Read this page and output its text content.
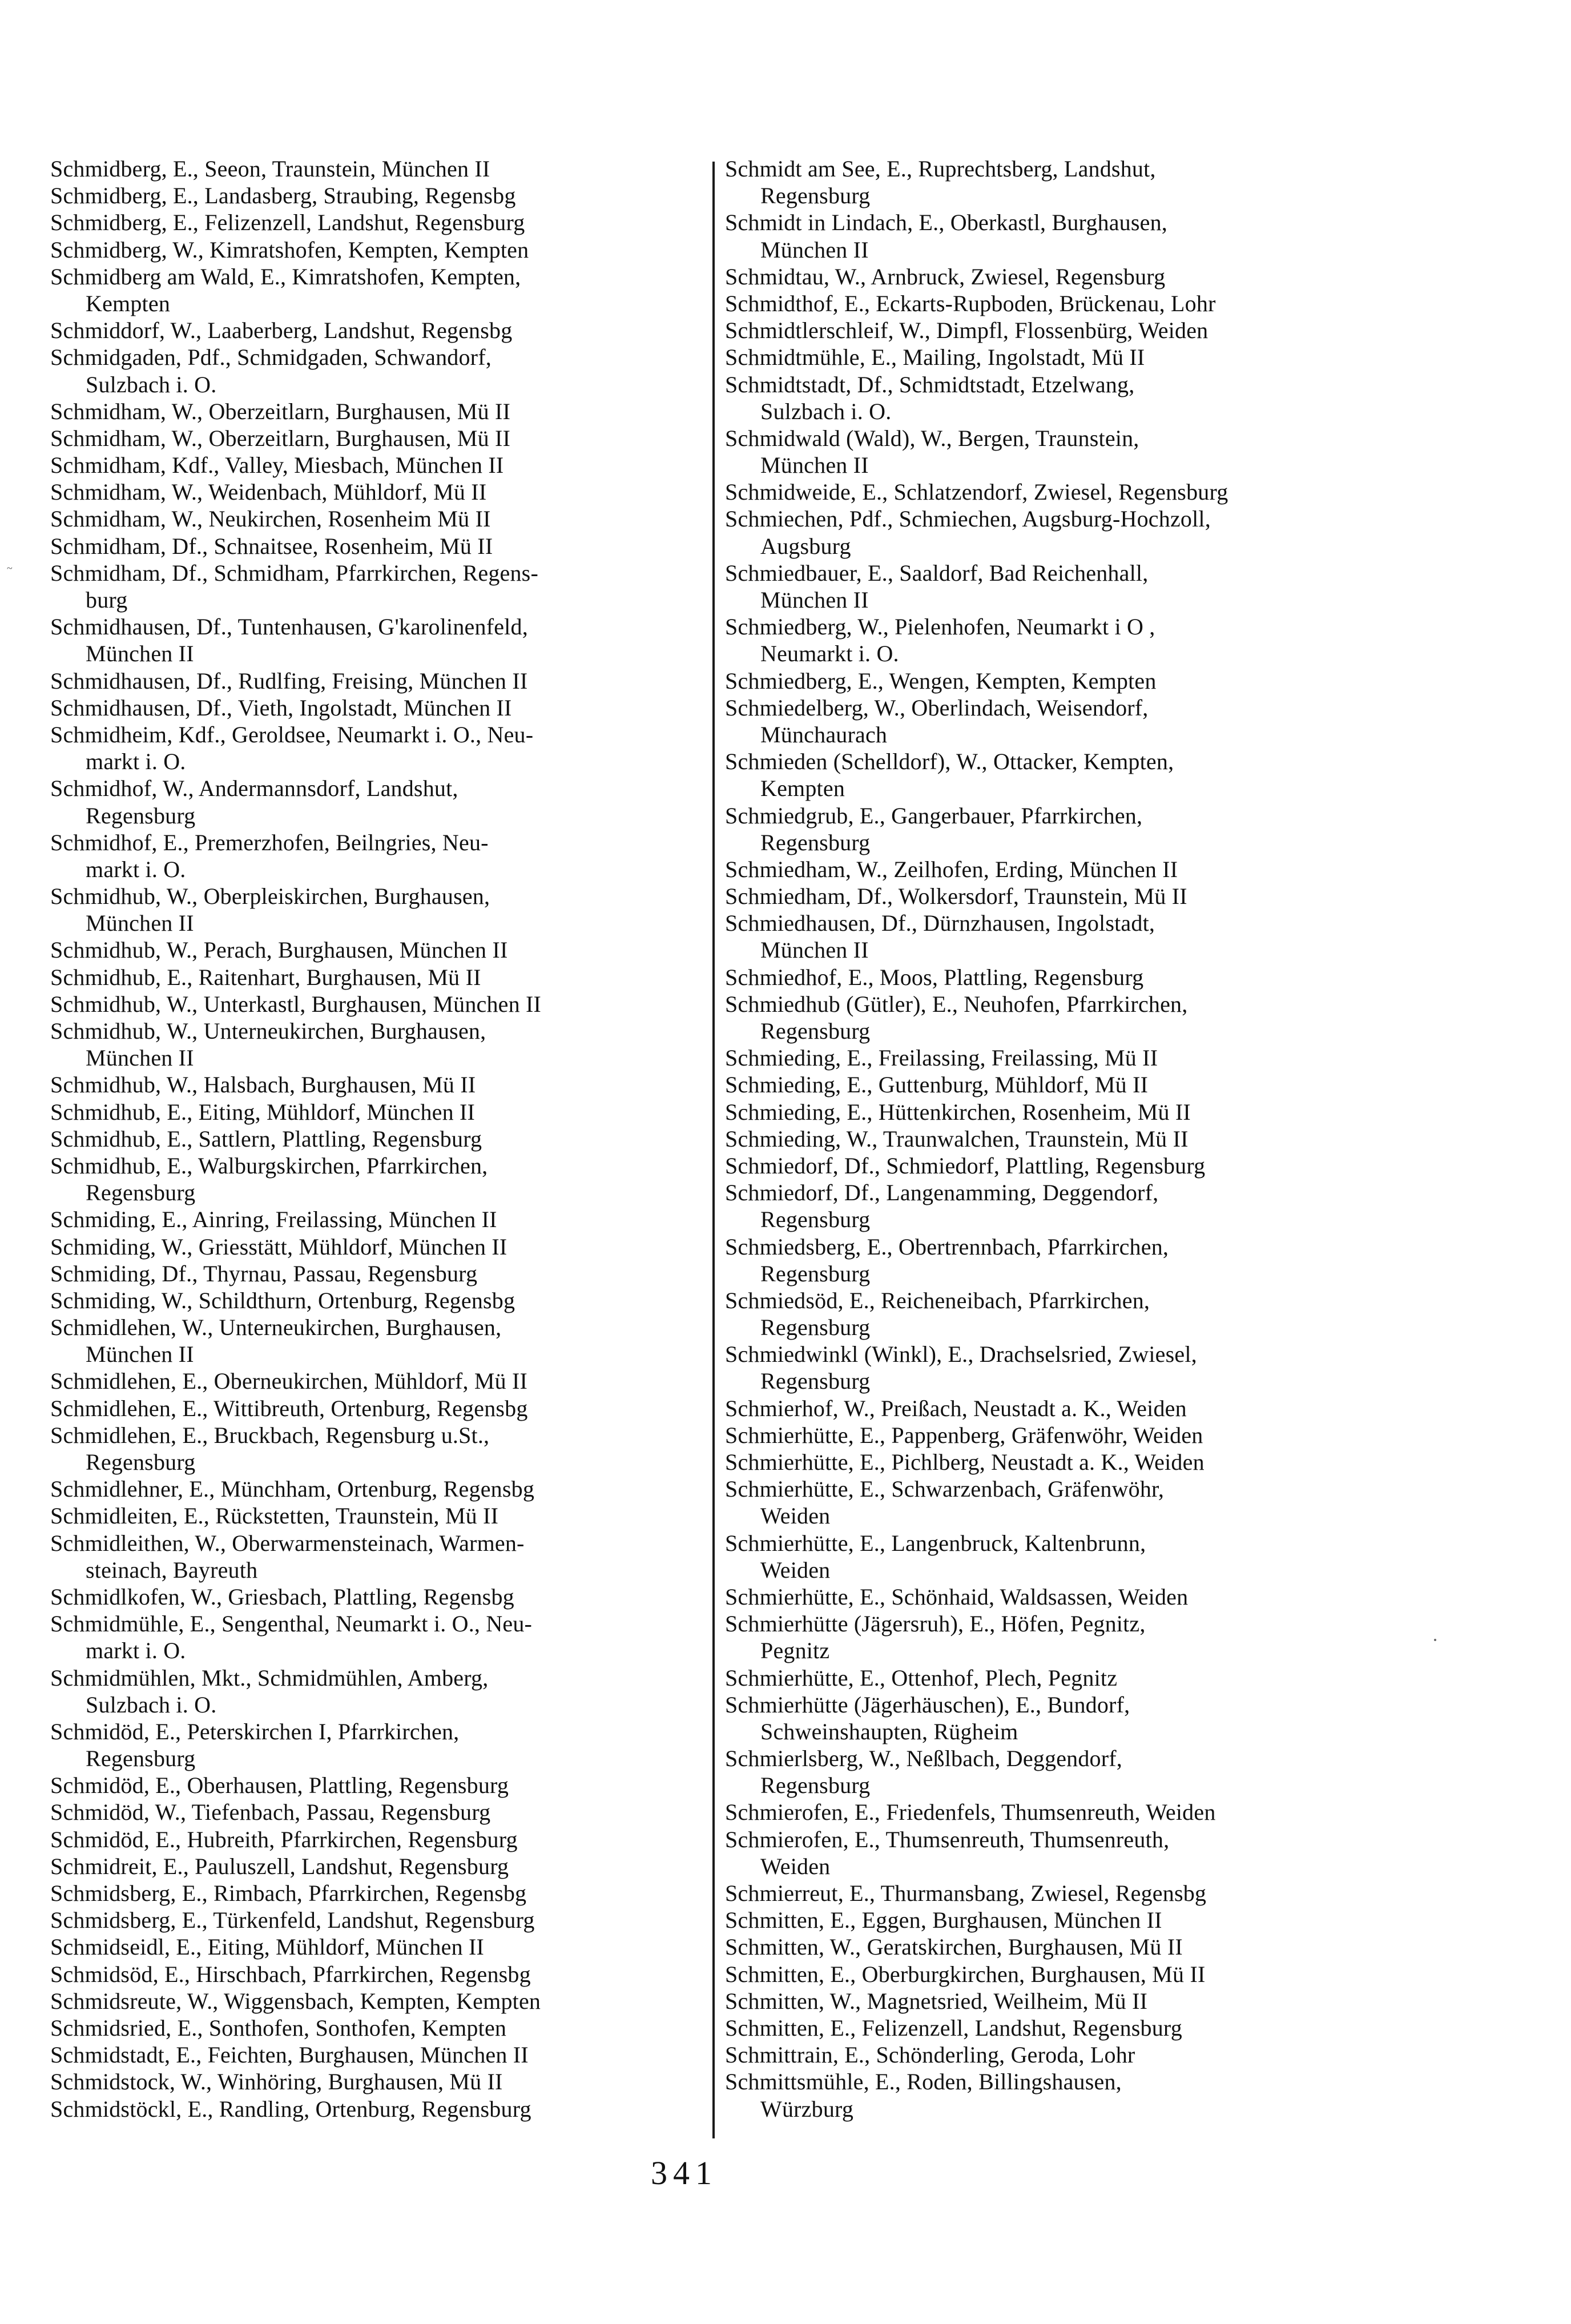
~
Schmidberg, E., Seeon, Traunstein, München II
Schmidberg, E., Landasberg, Straubing, Regensbg
Schmidberg, E., Felizenzell, Landshut, Regensburg
Schmidberg, W., Kimratshofen, Kempten, Kempten
Schmidberg am Wald, E., Kimratshofen, Kempten,
Kempten
Schmiddorf, W., Laaberberg, Landshut, Regensbg
Schmidgaden, Pdf., Schmidgaden, Schwandorf,
Sulzbach i. O.
Schmidham, W., Oberzeitlarn, Burghausen, Mü II
Schmidham, W., Oberzeitlarn, Burghausen, Mü II
Schmidham, Kdf., Valley, Miesbach, München II
Schmidham, W., Weidenbach, Mühldorf, Mü II
Schmidham, W., Neukirchen, Rosenheim Mü II
Schmidham, Df., Schnaitsee, Rosenheim, Mü II
Schmidham, Df., Schmidham, Pfarrkirchen, Regens-
burg
Schmidhausen, Df., Tuntenhausen, G'karolinenfeld,
München II
Schmidhausen, Df., Rudlfing, Freising, München II
Schmidhausen, Df., Vieth, Ingolstadt, München II
Schmidheim, Kdf., Geroldsee, Neumarkt i. O., Neu-
markt i. O.
Schmidhof, W., Andermannsdorf, Landshut,
Regensburg
Schmidhof, E., Premerzhofen, Beilngries, Neu-
markt i. O.
Schmidhub, W., Oberpleiskirchen, Burghausen,
München II
Schmidhub, W., Perach, Burghausen, München II
Schmidhub, E., Raitenhart, Burghausen, Mü II
Schmidhub, W., Unterkastl, Burghausen, München II
Schmidhub, W., Unterneukirchen, Burghausen,
München II
Schmidhub, W., Halsbach, Burghausen, Mü II
Schmidhub, E., Eiting, Mühldorf, München II
Schmidhub, E., Sattlern, Plattling, Regensburg
Schmidhub, E., Walburgskirchen, Pfarrkirchen,
Regensburg
Schmiding, E., Ainring, Freilassing, München II
Schmiding, W., Griesstätt, Mühldorf, München II
Schmiding, Df., Thyrnau, Passau, Regensburg
Schmiding, W., Schildthurn, Ortenburg, Regensbg
Schmidlehen, W., Unterneukirchen, Burghausen,
München II
Schmidlehen, E., Oberneukirchen, Mühldorf, Mü II
Schmidlehen, E., Wittibreuth, Ortenburg, Regensbg
Schmidlehen, E., Bruckbach, Regensburg u.St.,
Regensburg
Schmidlehner, E., Münchham, Ortenburg, Regensbg
Schmidleiten, E., Rückstetten, Traunstein, Mü II
Schmidleithen, W., Oberwarmensteinach, Warmen-
steinach, Bayreuth
Schmidlkofen, W., Griesbach, Plattling, Regensbg
Schmidmühle, E., Sengenthal, Neumarkt i. O., Neu-
markt i. O.
Schmidmühlen, Mkt., Schmidmühlen, Amberg,
Sulzbach i. O.
Schmidöd, E., Peterskirchen I, Pfarrkirchen,
Regensburg
Schmidöd, E., Oberhausen, Plattling, Regensburg
Schmidöd, W., Tiefenbach, Passau, Regensburg
Schmidöd, E., Hubreith, Pfarrkirchen, Regensburg
Schmidreit, E., Pauluszell, Landshut, Regensburg
Schmidsberg, E., Rimbach, Pfarrkirchen, Regensbg
Schmidsberg, E., Türkenfeld, Landshut, Regensburg
Schmidseidl, E., Eiting, Mühldorf, München II
Schmidsöd, E., Hirschbach, Pfarrkirchen, Regensbg
Schmidsreute, W., Wiggensbach, Kempten, Kempten
Schmidsried, E., Sonthofen, Sonthofen, Kempten
Schmidstadt, E., Feichten, Burghausen, München II
Schmidstock, W., Winhöring, Burghausen, Mü II
Schmidstöckl, E., Randling, Ortenburg, Regensburg
Schmidt am See, E., Ruprechtsberg, Landshut,
Regensburg
Schmidt in Lindach, E., Oberkastl, Burghausen,
München II
Schmidtau, W., Arnbruck, Zwiesel, Regensburg
Schmidthof, E., Eckarts-Rupboden, Brückenau, Lohr
Schmidtlerschleif, W., Dimpfl, Flossenbürg, Weiden
Schmidtmühle, E., Mailing, Ingolstadt, Mü II
Schmidtstadt, Df., Schmidtstadt, Etzelwang,
Sulzbach i. O.
Schmidwald (Wald), W., Bergen, Traunstein,
München II
Schmidweide, E., Schlatzendorf, Zwiesel, Regensburg
Schmiechen, Pdf., Schmiechen, Augsburg-Hochzoll,
Augsburg
Schmiedbauer, E., Saaldorf, Bad Reichenhall,
München II
Schmiedberg, W., Pielenhofen, Neumarkt i O ,
Neumarkt i. O.
Schmiedberg, E., Wengen, Kempten, Kempten
Schmiedelberg, W., Oberlindach, Weisendorf,
Münchaurach
Schmieden (Schelldorf), W., Ottacker, Kempten,
Kempten
Schmiedgrub, E., Gangerbauer, Pfarrkirchen,
Regensburg
Schmiedham, W., Zeilhofen, Erding, München II
Schmiedham, Df., Wolkersdorf, Traunstein, Mü II
Schmiedhausen, Df., Dürnzhausen, Ingolstadt,
München II
Schmiedhof, E., Moos, Plattling, Regensburg
Schmiedhub (Gütler), E., Neuhofen, Pfarrkirchen,
Regensburg
Schmieding, E., Freilassing, Freilassing, Mü II
Schmieding, E., Guttenburg, Mühldorf, Mü II
Schmieding, E., Hüttenkirchen, Rosenheim, Mü II
Schmieding, W., Traunwalchen, Traunstein, Mü II
Schmiedorf, Df., Schmiedorf, Plattling, Regensburg
Schmiedorf, Df., Langenamming, Deggendorf,
Regensburg
Schmiedsberg, E., Obertrennbach, Pfarrkirchen,
Regensburg
Schmiedsöd, E., Reicheneibach, Pfarrkirchen,
Regensburg
Schmiedwinkl (Winkl), E., Drachselsried, Zwiesel,
Regensburg
Schmierhof, W., Preißach, Neustadt a. K., Weiden
Schmierhütte, E., Pappenberg, Gräfenwöhr, Weiden
Schmierhütte, E., Pichlberg, Neustadt a. K., Weiden
Schmierhütte, E., Schwarzenbach, Gräfenwöhr,
Weiden
Schmierhütte, E., Langenbruck, Kaltenbrunn,
Weiden
Schmierhütte, E., Schönhaid, Waldsassen, Weiden
Schmierhütte (Jägersruh), E., Höfen, Pegnitz,
Pegnitz
Schmierhütte, E., Ottenhof, Plech, Pegnitz
Schmierhütte (Jägerhäuschen), E., Bundorf,
Schweinshaupten, Rügheim
Schmierlsberg, W., Neßlbach, Deggendorf,
Regensburg
Schmierofen, E., Friedenfels, Thumsenreuth, Weiden
Schmierofen, E., Thumsenreuth, Thumsenreuth,
Weiden
Schmierreut, E., Thurmansbang, Zwiesel, Regensbg
Schmitten, E., Eggen, Burghausen, München II
Schmitten, W., Geratskirchen, Burghausen, Mü II
Schmitten, E., Oberburgkirchen, Burghausen, Mü II
Schmitten, W., Magnetsried, Weilheim, Mü II
Schmitten, E., Felizenzell, Landshut, Regensburg
Schmittrain, E., Schönderling, Geroda, Lohr
Schmittsmühle, E., Roden, Billingshausen,
Würzburg
341
